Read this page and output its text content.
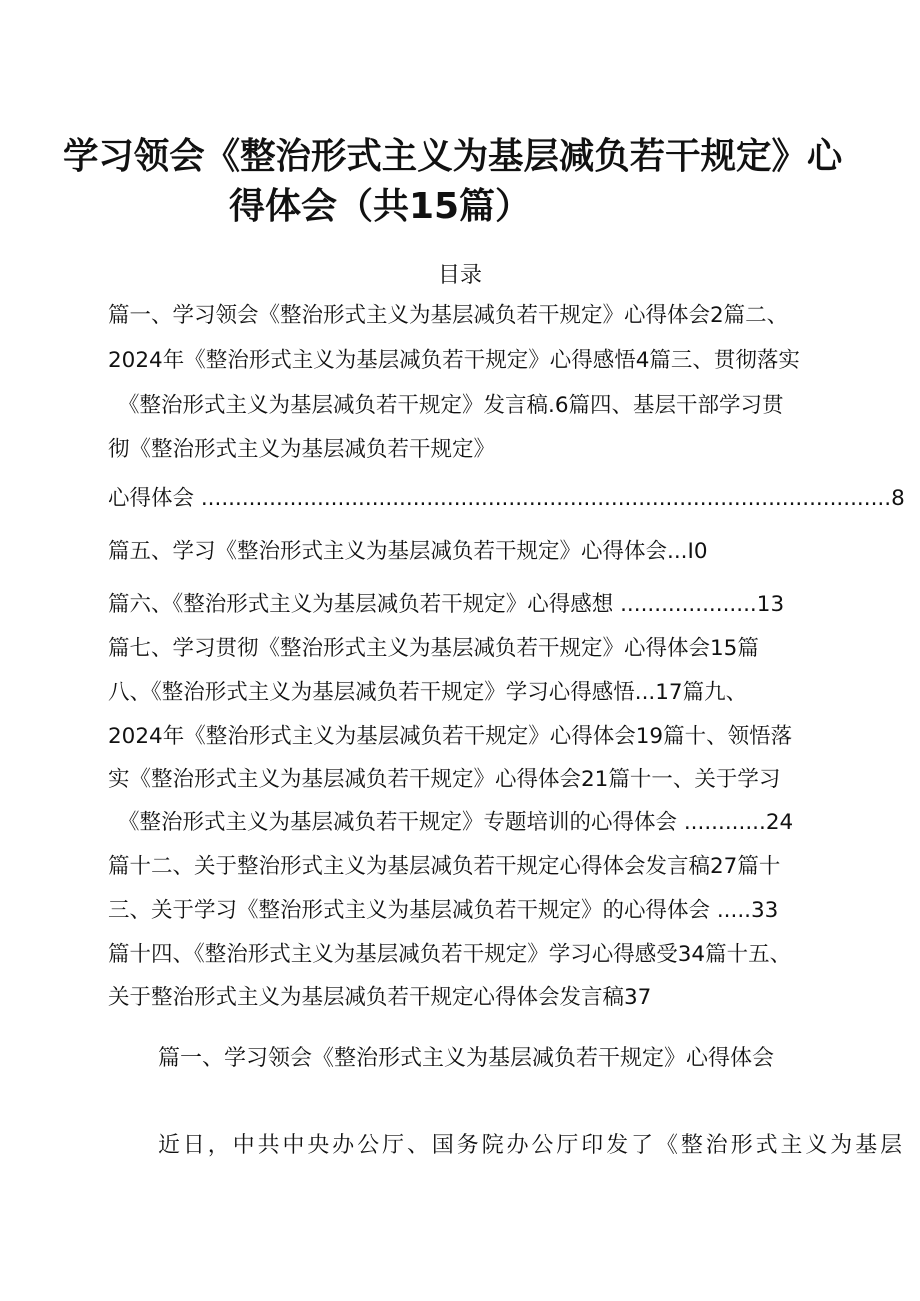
学习领会《整治形式主义为基层减负若干规定》心
得体会（共15篇）
目录
篇一、学习领会《整治形式主义为基层减负若干规定》心得体会2篇二、
2024年《整治形式主义为基层减负若干规定》心得感悟4篇三、贯彻落实
《整治形式主义为基层减负若干规定》发言稿.6篇四、基层干部学习贯
彻《整治形式主义为基层减负若干规定》
心得体会 .....................................................................................................8
篇五、学习《整治形式主义为基层减负若干规定》心得体会...I0
篇六、《整治形式主义为基层减负若干规定》心得感想 ....................13
篇七、学习贯彻《整治形式主义为基层减负若干规定》心得体会15篇
八、《整治形式主义为基层减负若干规定》学习心得感悟...17篇九、
2024年《整治形式主义为基层减负若干规定》心得体会19篇十、领悟落
实《整治形式主义为基层减负若干规定》心得体会21篇十一、关于学习
《整治形式主义为基层减负若干规定》专题培训的心得体会 ............24
篇十二、关于整治形式主义为基层减负若干规定心得体会发言稿27篇十
三、关于学习《整治形式主义为基层减负若干规定》的心得体会 .....33
篇十四、《整治形式主义为基层减负若干规定》学习心得感受34篇十五、
关于整治形式主义为基层减负若干规定心得体会发言稿37
篇一、学习领会《整治形式主义为基层减负若干规定》心得体会
近日，中共中央办公厅、国务院办公厅印发了《整治形式主义为基层
